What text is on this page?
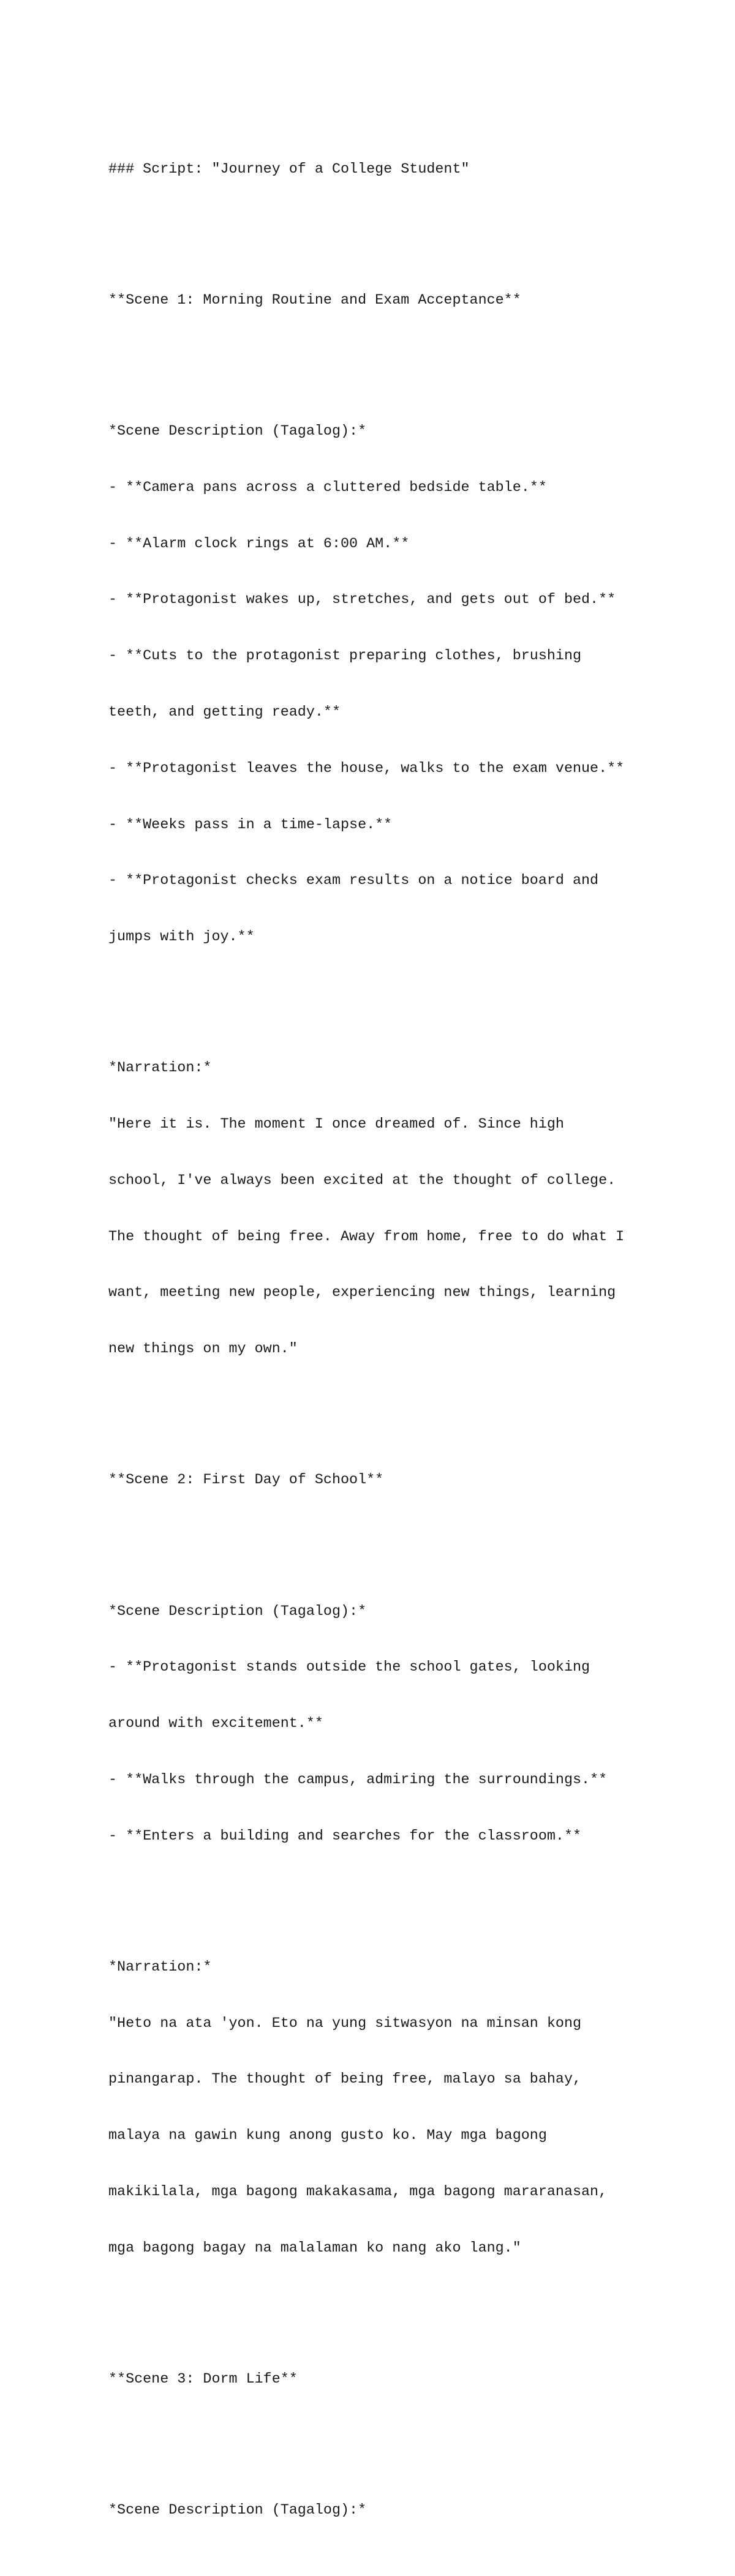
### Script: "Journey of a College Student"

**Scene 1: Morning Routine and Exam Acceptance**

*Scene Description (Tagalog):*

- **Camera pans across a cluttered bedside table.**

- **Alarm clock rings at 6:00 AM.**

- **Protagonist wakes up, stretches, and gets out of bed.**

- **Cuts to the protagonist preparing clothes, brushing

teeth, and getting ready.**

- **Protagonist leaves the house, walks to the exam venue.**

- **Weeks pass in a time-lapse.**

- **Protagonist checks exam results on a notice board and

jumps with joy.**

*Narration:*

"Here it is. The moment I once dreamed of. Since high

school, I've always been excited at the thought of college.

The thought of being free. Away from home, free to do what I

want, meeting new people, experiencing new things, learning

new things on my own."

**Scene 2: First Day of School**

*Scene Description (Tagalog):*

- **Protagonist stands outside the school gates, looking

around with excitement.**

- **Walks through the campus, admiring the surroundings.**

- **Enters a building and searches for the classroom.**

*Narration:*

"Heto na ata 'yon. Eto na yung sitwasyon na minsan kong

pinangarap. The thought of being free, malayo sa bahay,

malaya na gawin kung anong gusto ko. May mga bagong

makikilala, mga bagong makakasama, mga bagong mararanasan,

mga bagong bagay na malalaman ko nang ako lang."

**Scene 3: Dorm Life**

*Scene Description (Tagalog):*
